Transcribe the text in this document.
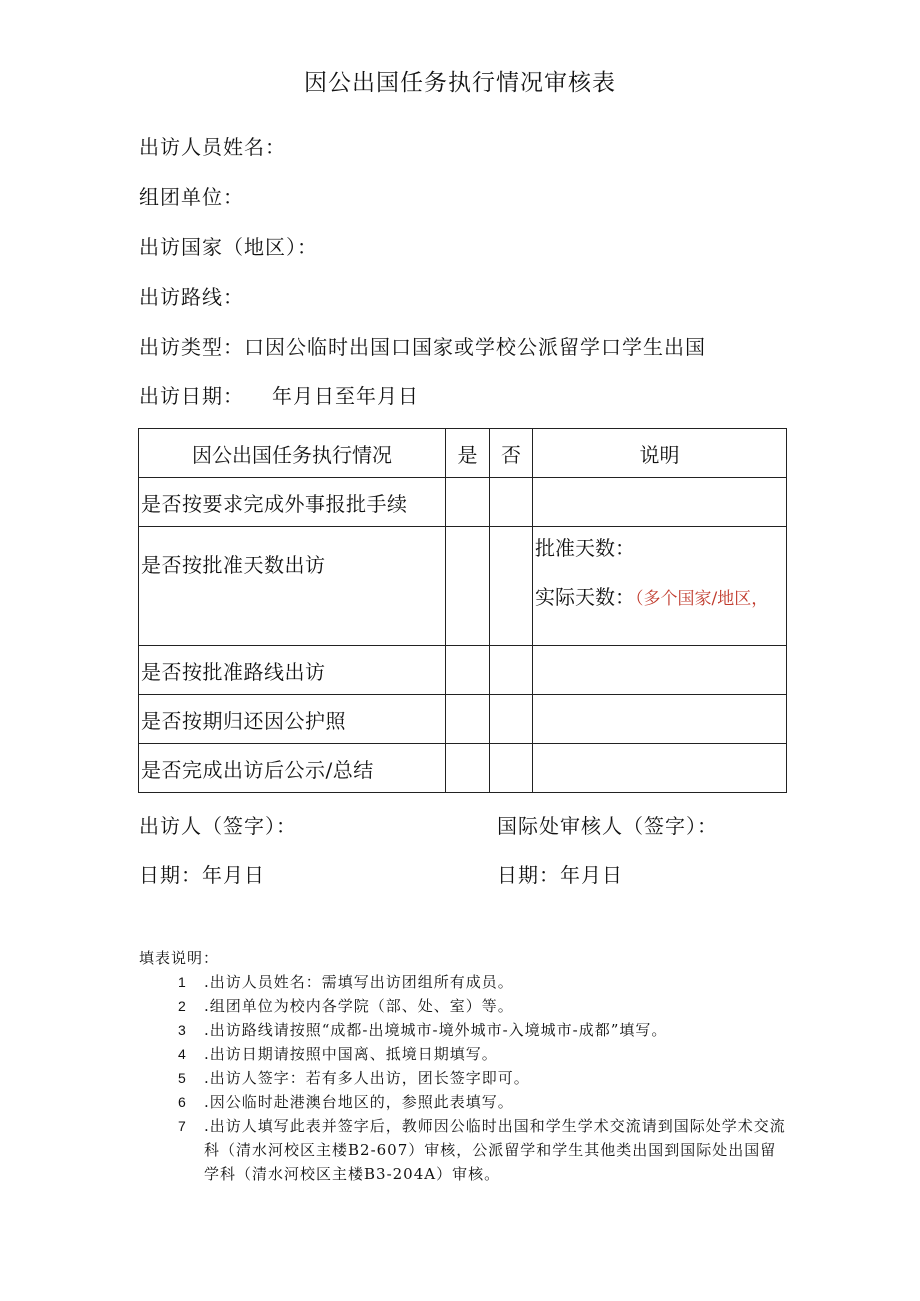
因公出国任务执行情况审核表
出访人员姓名：
组团单位：
出访国家（地区）：
出访路线：
出访类型：口因公临时出国口国家或学校公派留学口学生出国
出访日期： 年月日至年月日
因公出国任务执行情况	是	否	说明
是否按要求完成外事报批手续			
是否按批准天数出访			批准天数：
实际天数：（多个国家/地区，

是否按批准路线出访			
是否按期归还因公护照			
是否完成出访后公示/总结			
出访人（签字）：	国际处审核人（签字）：
日期：年月日	日期：年月日
填表说明：
1	.出访人员姓名：需填写出访团组所有成员。
2	.组团单位为校内各学院（部、处、室）等。
3	.出访路线请按照“成都-出境城市-境外城市-入境城市-成都”填写。
4	.出访日期请按照中国离、抵境日期填写。
5	.出访人签字：若有多人出访，团长签字即可。
6	.因公临时赴港澳台地区的，参照此表填写。
7	.出访人填写此表并签字后，教师因公临时出国和学生学术交流请到国际处学术交流科（清水河校区主楼B2-607）审核，公派留学和学生其他类出国到国际处出国留学科（清水河校区主楼B3-204A）审核。
